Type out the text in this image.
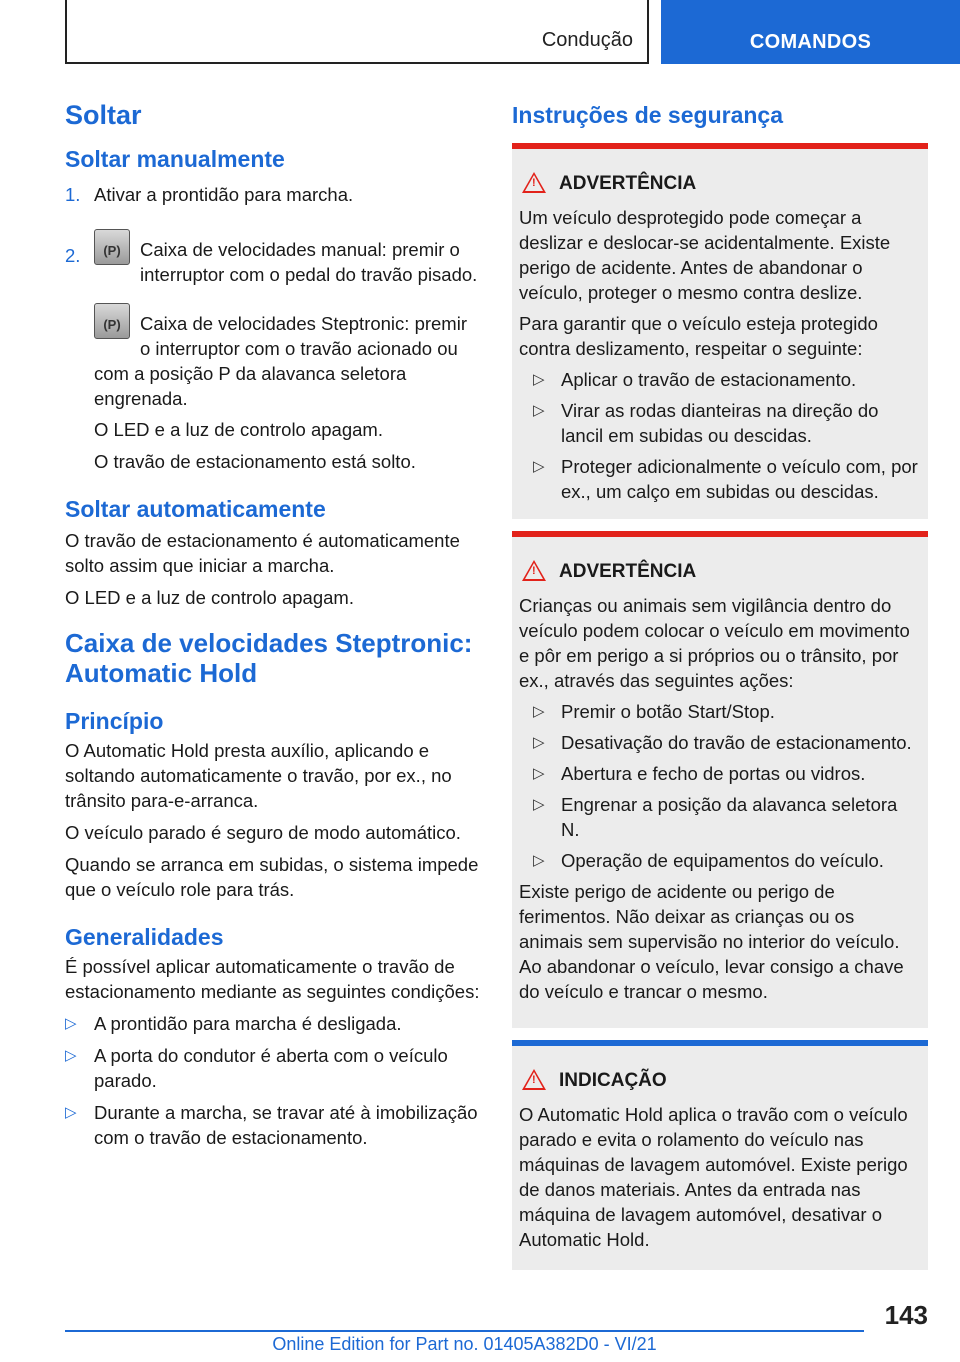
Condução	COMANDOS
Soltar
Soltar manualmente
1. Ativar a prontidão para marcha.

2.

(P)	Caixa de velocidades manual: premir o interruptor com o pedal do travão pisado.

(P)
Caixa de velocidades Steptronic: premir o interruptor com o travão acionado ou com a posição P da alavanca seletora engrenada.

O LED e a luz de controlo apagam.

O travão de estacionamento está solto.

Soltar automaticamente

O travão de estacionamento é automaticamente solto assim que iniciar a marcha.

O LED e a luz de controlo apagam.

Caixa de velocidades Steptronic: Automatic Hold
Princípio

O Automatic Hold presta auxílio, aplicando e soltando automaticamente o travão, por ex., no trânsito para-e-arranca.

O veículo parado é seguro de modo automático.

Quando se arranca em subidas, o sistema impede que o veículo role para trás.

Generalidades

É possível aplicar automaticamente o travão de estacionamento mediante as seguintes condições:

▷ A prontidão para marcha é desligada.

▷ A porta do condutor é aberta com o veículo parado.

▷ Durante a marcha, se travar até à imobilização com o travão de estacionamento.

Instruções de segurança

! ADVERTÊNCIA

Um veículo desprotegido pode começar a deslizar e deslocar-se acidentalmente. Existe perigo de acidente. Antes de abandonar o veículo, proteger o mesmo contra deslize.

Para garantir que o veículo esteja protegido contra deslizamento, respeitar o seguinte:

▷ Aplicar o travão de estacionamento.

▷ Virar as rodas dianteiras na direção do lancil em subidas ou descidas.

▷ Proteger adicionalmente o veículo com, por ex., um calço em subidas ou descidas.

! ADVERTÊNCIA

Crianças ou animais sem vigilância dentro do veículo podem colocar o veículo em movimento e pôr em perigo a si próprios ou o trânsito, por ex., através das seguintes ações:

▷ Premir o botão Start/Stop.

▷ Desativação do travão de estacionamento.

▷ Abertura e fecho de portas ou vidros.

▷ Engrenar a posição da alavanca seletora N.

▷ Operação de equipamentos do veículo.

Existe perigo de acidente ou perigo de ferimentos. Não deixar as crianças ou os animais sem supervisão no interior do veículo. Ao abandonar o veículo, levar consigo a chave do veículo e trancar o mesmo.

! INDICAÇÃO

O Automatic Hold aplica o travão com o veículo parado e evita o rolamento do veículo nas máquinas de lavagem automóvel. Existe perigo de danos materiais. Antes da entrada nas máquina de lavagem automóvel, desativar o Automatic Hold.

143
Online Edition for Part no. 01405A382D0 - VI/21
